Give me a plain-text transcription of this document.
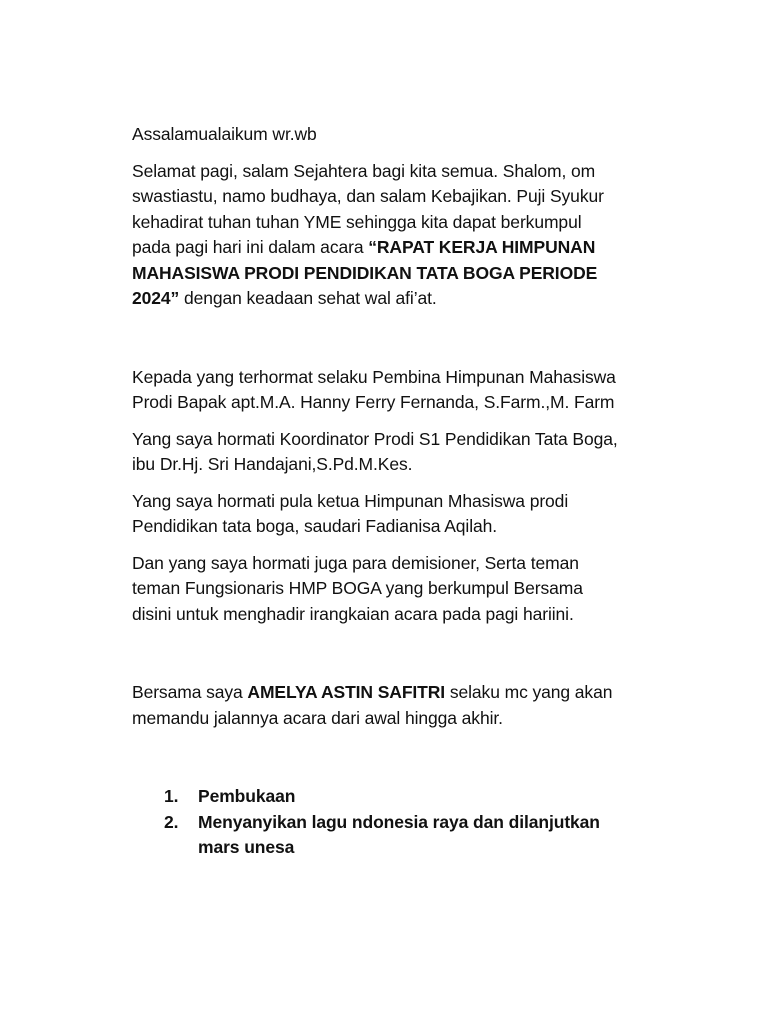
Assalamualaikum wr.wb

Selamat pagi, salam Sejahtera bagi kita semua. Shalom, om swastiastu, namo budhaya, dan salam Kebajikan. Puji Syukur kehadirat tuhan tuhan YME sehingga kita dapat berkumpul pada pagi hari ini dalam acara “RAPAT KERJA HIMPUNAN MAHASISWA PRODI PENDIDIKAN TATA BOGA PERIODE 2024” dengan keadaan sehat wal afi’at.

Kepada yang terhormat selaku Pembina Himpunan Mahasiswa Prodi Bapak apt.M.A. Hanny Ferry Fernanda, S.Farm.,M. Farm

Yang saya hormati Koordinator Prodi S1 Pendidikan Tata Boga, ibu Dr.Hj. Sri Handajani,S.Pd.M.Kes.

Yang saya hormati pula ketua Himpunan Mhasiswa prodi Pendidikan tata boga, saudari Fadianisa Aqilah.

Dan yang saya hormati juga para demisioner, Serta teman teman Fungsionaris HMP BOGA yang berkumpul Bersama disini untuk menghadir irangkaian acara pada pagi hariini.

Bersama saya AMELYA ASTIN SAFITRI selaku mc yang akan memandu jalannya acara dari awal hingga akhir.

1. Pembukaan
2. Menyanyikan lagu ndonesia raya dan dilanjutkan mars unesa
